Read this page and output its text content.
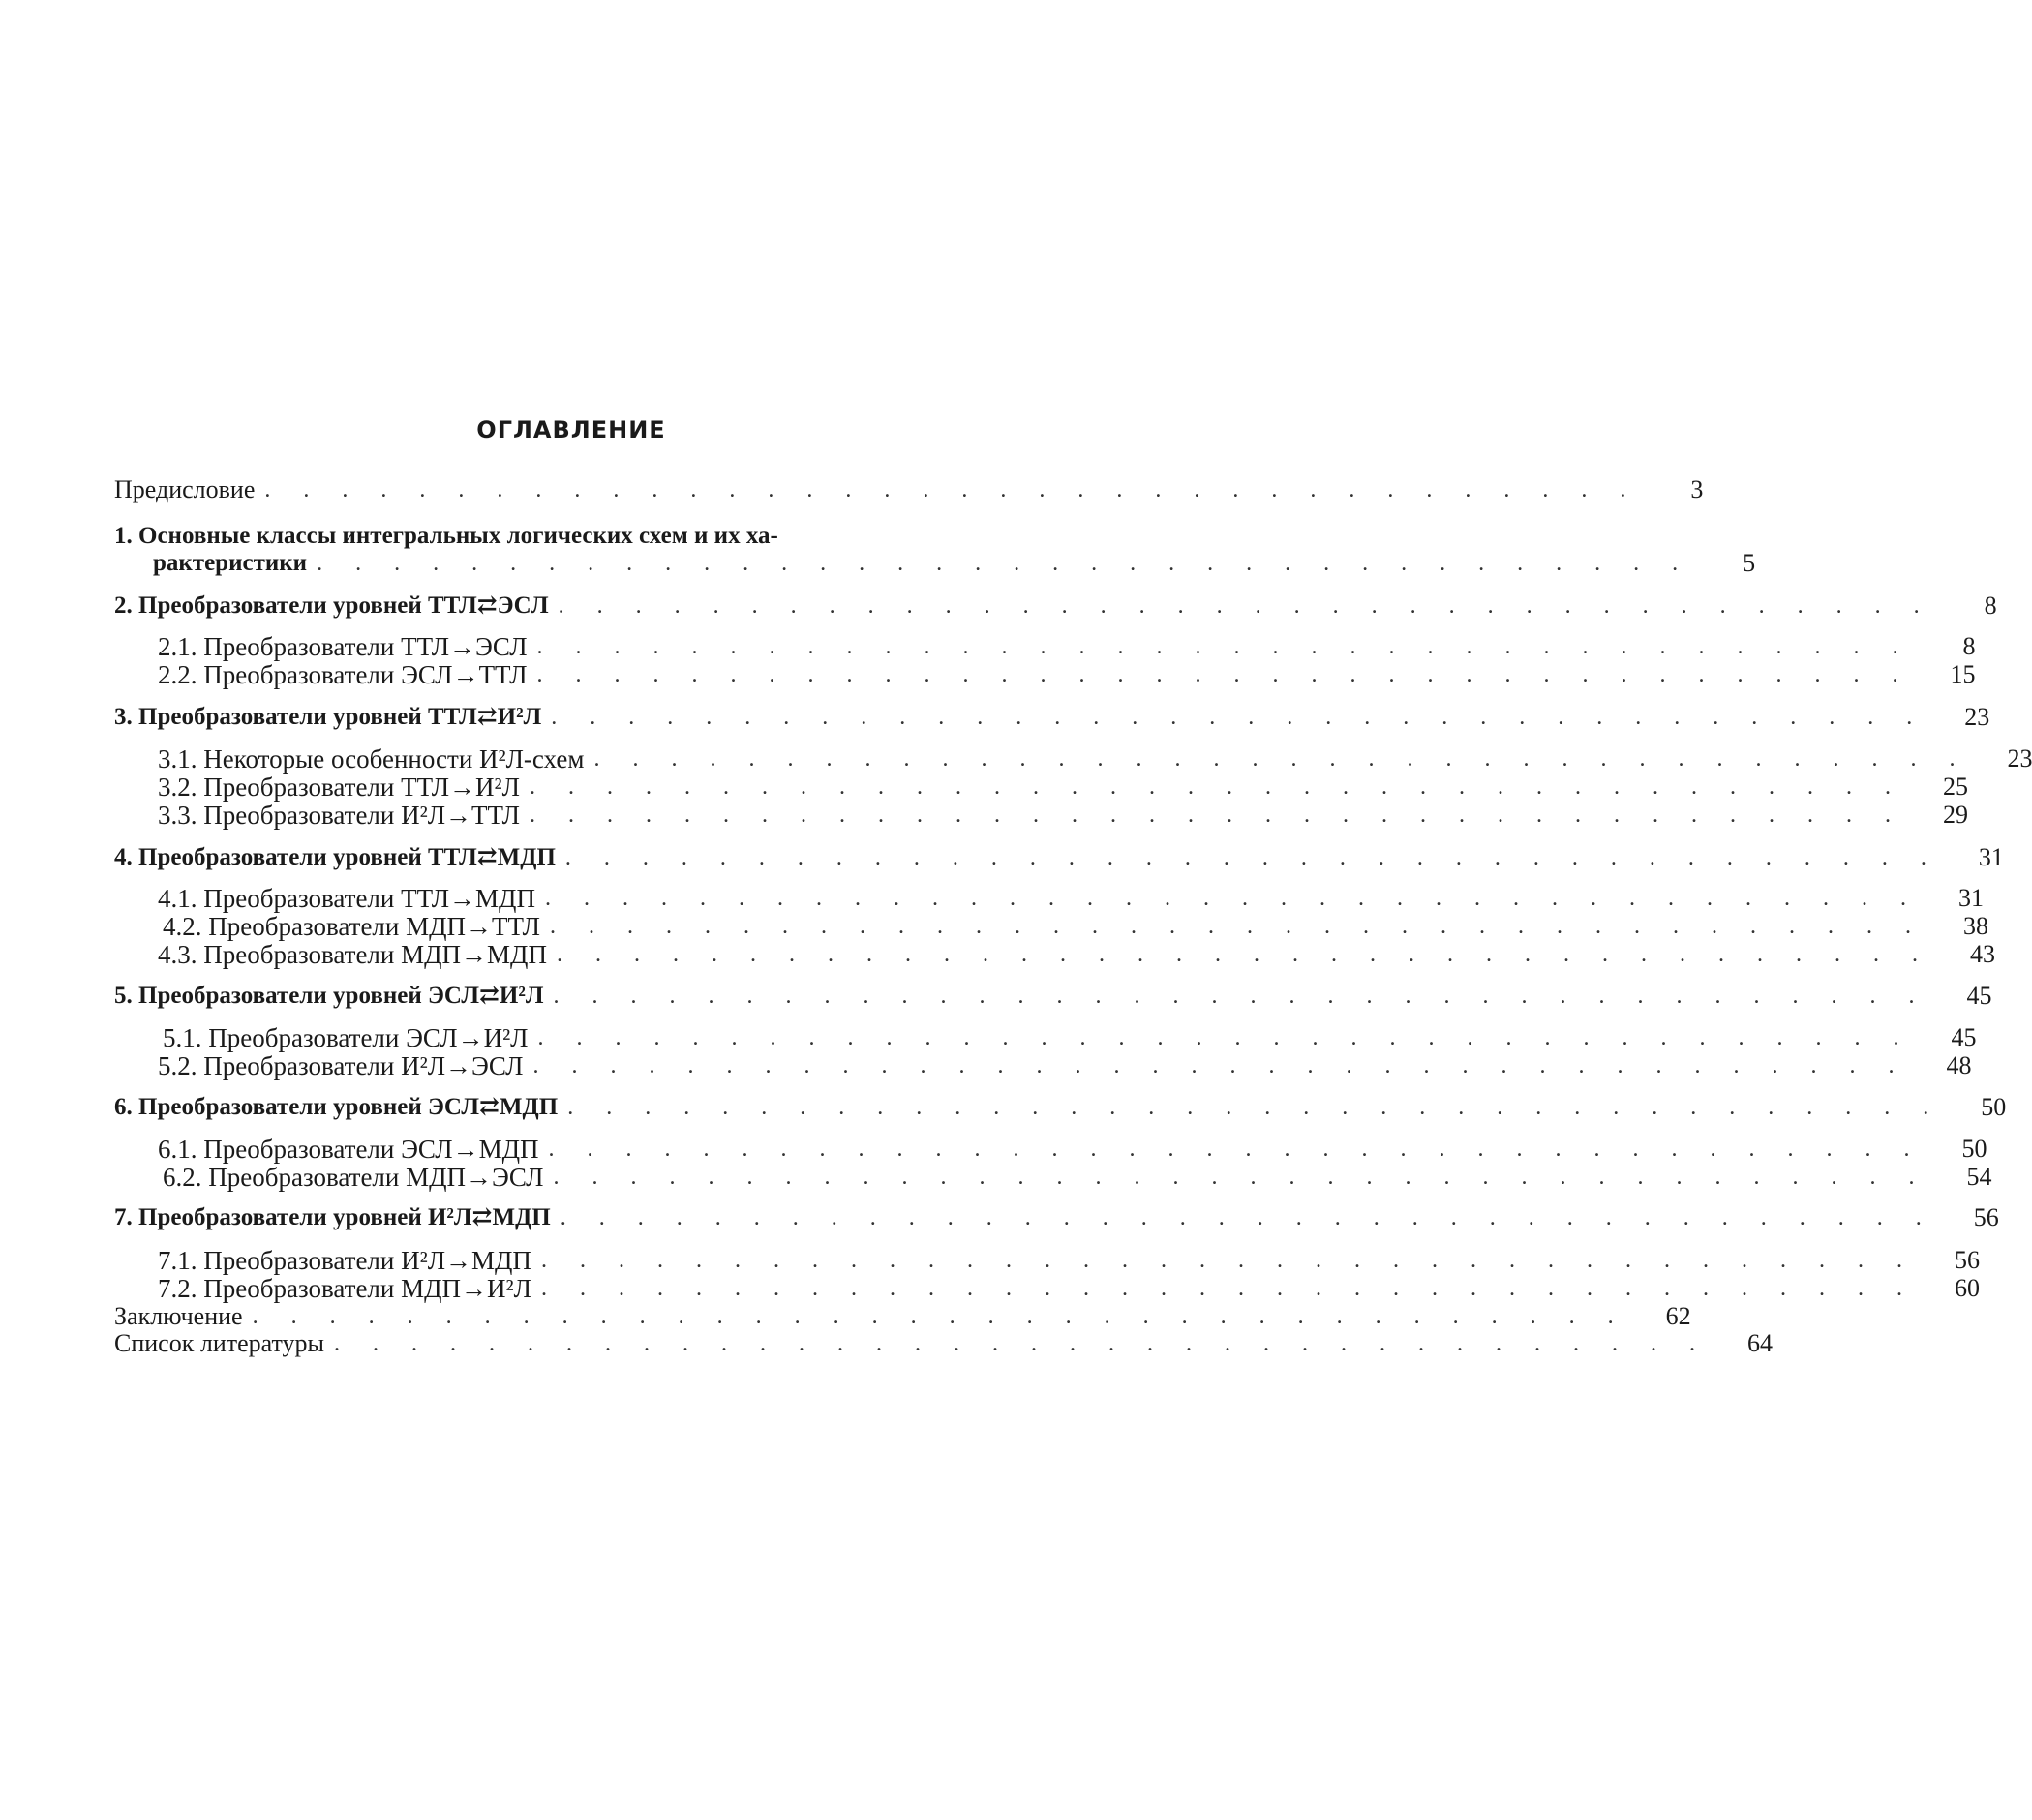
ОГЛАВЛЕНИЕ
Предисловие . . . . . . . . . . . . . . . . . . . . . . . . . . . . . . . . . . . .	3
1. Основные классы интегральных логических схем и их ха-
рактеристики . . . . . . . . . . . . . . . . . . . . . . . . . . . . . . . . . . . .	5
2. Преобразователи уровней ТТЛ⇄ЭСЛ . . . . . . . . . . . . . . . . . . . . . . . . . . . . . . . . . . . .	8
2.1. Преобразователи ТТЛ→ЭСЛ . . . . . . . . . . . . . . . . . . . . . . . . . . . . . . . . . . . .	8
2.2. Преобразователи ЭСЛ→ТТЛ . . . . . . . . . . . . . . . . . . . . . . . . . . . . . . . . . . . .	15
3. Преобразователи уровней ТТЛ⇄И²Л . . . . . . . . . . . . . . . . . . . . . . . . . . . . . . . . . . . .	23
3.1. Некоторые особенности И²Л-схем . . . . . . . . . . . . . . . . . . . . . . . . . . . . . . . . . . . .	23
3.2. Преобразователи ТТЛ→И²Л . . . . . . . . . . . . . . . . . . . . . . . . . . . . . . . . . . . .	25
3.3. Преобразователи И²Л→ТТЛ . . . . . . . . . . . . . . . . . . . . . . . . . . . . . . . . . . . .	29
4. Преобразователи уровней ТТЛ⇄МДП . . . . . . . . . . . . . . . . . . . . . . . . . . . . . . . . . . . .	31
4.1. Преобразователи ТТЛ→МДП . . . . . . . . . . . . . . . . . . . . . . . . . . . . . . . . . . . .	31
4.2. Преобразователи МДП→ТТЛ . . . . . . . . . . . . . . . . . . . . . . . . . . . . . . . . . . . .	38
4.3. Преобразователи МДП→МДП . . . . . . . . . . . . . . . . . . . . . . . . . . . . . . . . . . . .	43
5. Преобразователи уровней ЭСЛ⇄И²Л . . . . . . . . . . . . . . . . . . . . . . . . . . . . . . . . . . . .	45
5.1. Преобразователи ЭСЛ→И²Л . . . . . . . . . . . . . . . . . . . . . . . . . . . . . . . . . . . .	45
5.2. Преобразователи И²Л→ЭСЛ . . . . . . . . . . . . . . . . . . . . . . . . . . . . . . . . . . . .	48
6. Преобразователи уровней ЭСЛ⇄МДП . . . . . . . . . . . . . . . . . . . . . . . . . . . . . . . . . . . .	50
6.1. Преобразователи ЭСЛ→МДП . . . . . . . . . . . . . . . . . . . . . . . . . . . . . . . . . . . .	50
6.2. Преобразователи МДП→ЭСЛ . . . . . . . . . . . . . . . . . . . . . . . . . . . . . . . . . . . .	54
7. Преобразователи уровней И²Л⇄МДП . . . . . . . . . . . . . . . . . . . . . . . . . . . . . . . . . . . .	56
7.1. Преобразователи И²Л→МДП . . . . . . . . . . . . . . . . . . . . . . . . . . . . . . . . . . . .	56
7.2. Преобразователи МДП→И²Л . . . . . . . . . . . . . . . . . . . . . . . . . . . . . . . . . . . .	60
Заключение . . . . . . . . . . . . . . . . . . . . . . . . . . . . . . . . . . . .	62
Список литературы . . . . . . . . . . . . . . . . . . . . . . . . . . . . . . . . . . . .	64
